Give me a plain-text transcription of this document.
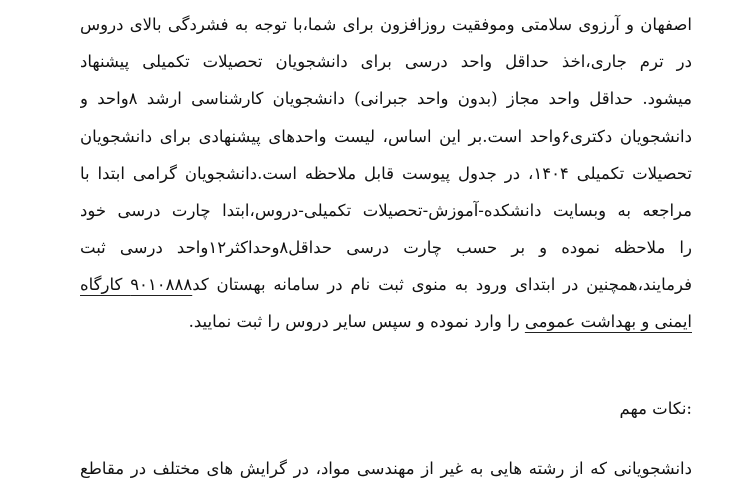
اصفهان و آرزوی سلامتی وموفقیت روزافزون برای شما،با توجه به فشردگی بالای دروس
در ترم جاری،اخذ حداقل واحد درسی برای دانشجویان تحصیلات تکمیلی پیشنهاد
میشود. حداقل واحد مجاز (بدون واحد جبرانی) دانشجویان کارشناسی ارشد ۸واحد و
دانشجویان دکتری۶واحد است.بر این اساس، لیست واحدهای پیشنهادی برای دانشجویان
تحصیلات تکمیلی ۱۴۰۴، در جدول پیوست قابل ملاحظه است.دانشجویان گرامی ابتدا با
مراجعه به وبسایت دانشکده-آموزش-تحصیلات تکمیلی-دروس،ابتدا چارت درسی خود
را ملاحظه نموده و بر حسب چارت درسی حداقل۸وحداکثر۱۲واحد درسی ثبت
فرمایند،همچنین در ابتدای ورود به منوی ثبت نام در سامانه بهستان کد۹۰۱۰۸۸۸ کارگاه
ایمنی و بهداشت عمومی را وارد نموده و سپس سایر دروس را ثبت نمایید.
:نکات مهم
دانشجویانی که از رشته هایی به غیر از مهندسی مواد، در گرایش های مختلف در مقاطع
